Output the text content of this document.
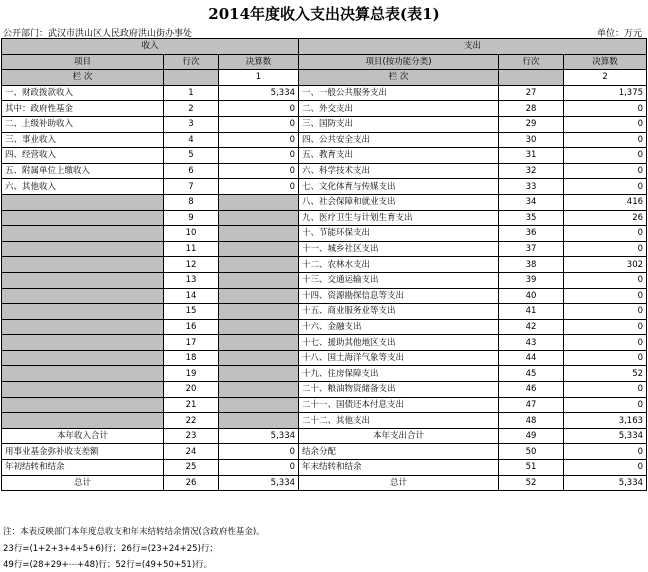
2014年度收入支出决算总表(表1)
公开部门：武汉市洪山区人民政府洪山街办事处	单位：万元
收入			支出		
项目	行次	决算数	项目(按功能分类)	行次	决算数
栏 次		1	栏 次		2
一、财政拨款收入	1	5,334	一、一般公共服务支出	27	1,375
其中：政府性基金	2	0	二、外交支出	28	0
二、上级补助收入	3	0	三、国防支出	29	0
三、事业收入	4	0	四、公共安全支出	30	0
四、经营收入	5	0	五、教育支出	31	0
五、附属单位上缴收入	6	0	六、科学技术支出	32	0
六、其他收入	7	0	七、文化体育与传媒支出	33	0
	8		八、社会保障和就业支出	34	416
	9		九、医疗卫生与计划生育支出	35	26
	10		十、节能环保支出	36	0
	11		十一、城乡社区支出	37	0
	12		十二、农林水支出	38	302
	13		十三、交通运输支出	39	0
	14		十四、资源勘探信息等支出	40	0
	15		十五、商业服务业等支出	41	0
	16		十六、金融支出	42	0
	17		十七、援助其他地区支出	43	0
	18		十八、国土海洋气象等支出	44	0
	19		十九、住房保障支出	45	52
	20		二十、粮油物资储备支出	46	0
	21		二十一、国债还本付息支出	47	0
	22		二十二、其他支出	48	3,163
本年收入合计	23	5,334	本年支出合计	49	5,334
用事业基金弥补收支差额	24	0	结余分配	50	0
年初结转和结余	25	0	年末结转和结余	51	0
总计	26	5,334	总计	52	5,334
注：本表反映部门本年度总收支和年末结转结余情况(含政府性基金)。
23行=(1+2+3+4+5+6)行；26行=(23+24+25)行；
49行=(28+29+⋯+48)行；52行=(49+50+51)行。
